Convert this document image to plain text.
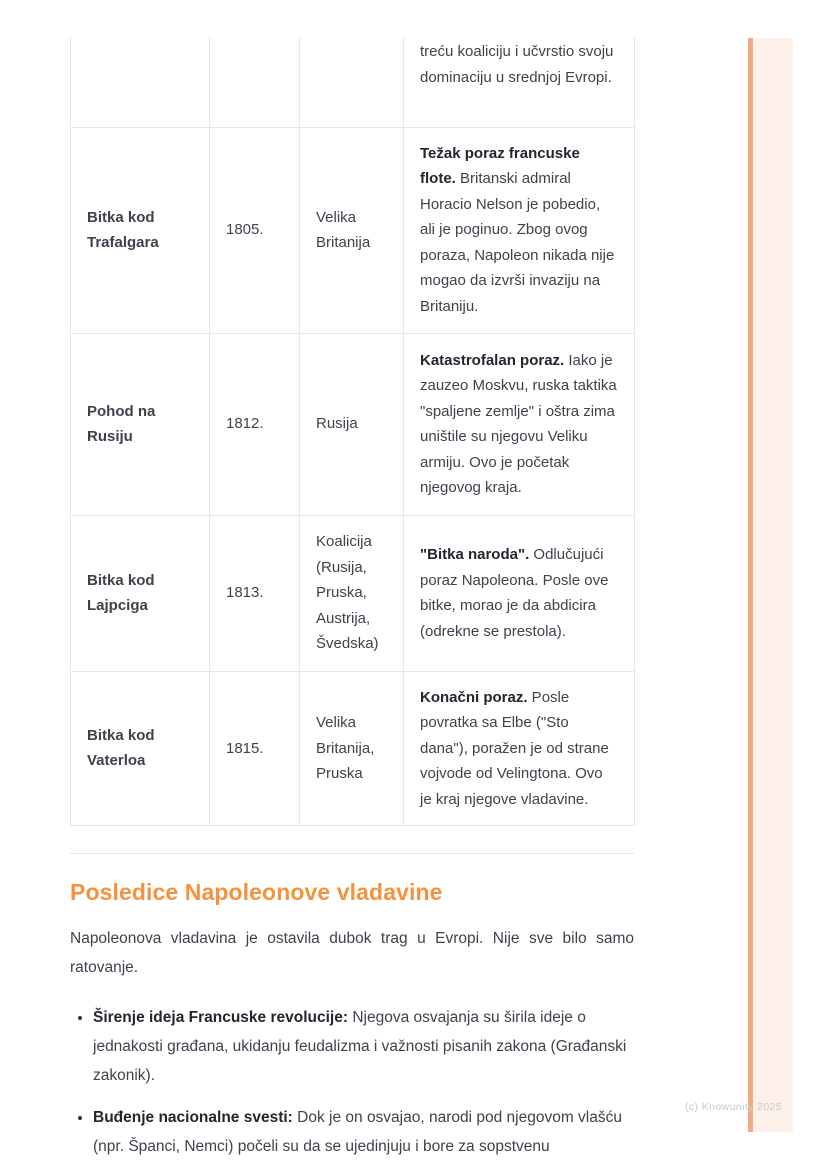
			treću koaliciju i učvrstio svoju dominaciju u srednjoj Evropi.
Bitka kod Trafalgara	1805.	Velika Britanija	Težak poraz francuske flote. Britanski admiral Horacio Nelson je pobedio, ali je poginuo. Zbog ovog poraza, Napoleon nikada nije mogao da izvrši invaziju na Britaniju.
Pohod na Rusiju	1812.	Rusija	Katastrofalan poraz. Iako je zauzeo Moskvu, ruska taktika "spaljene zemlje" i oštra zima uništile su njegovu Veliku armiju. Ovo je početak njegovog kraja.
Bitka kod Lajpciga	1813.	Koalicija (Rusija, Pruska, Austrija, Švedska)	"Bitka naroda". Odlučujući poraz Napoleona. Posle ove bitke, morao je da abdicira (odrekne se prestola).
Bitka kod Vaterloa	1815.	Velika Britanija, Pruska	Konačni poraz. Posle povratka sa Elbe ("Sto dana"), poražen je od strane vojvode od Velingtona. Ovo je kraj njegove vladavine.
Posledice Napoleonove vladavine

Napoleonova vladavina je ostavila dubok trag u Evropi. Nije sve bilo samo ratovanje.

• Širenje ideja Francuske revolucije: Njegova osvajanja su širila ideje o jednakosti građana, ukidanju feudalizma i važnosti pisanih zakona (Građanski zakonik).
• Buđenje nacionalne svesti: Dok je on osvajao, narodi pod njegovom vlašću (npr. Španci, Nemci) počeli su da se ujedinjuju i bore za sopstvenu
(c) Knowunity 2025
